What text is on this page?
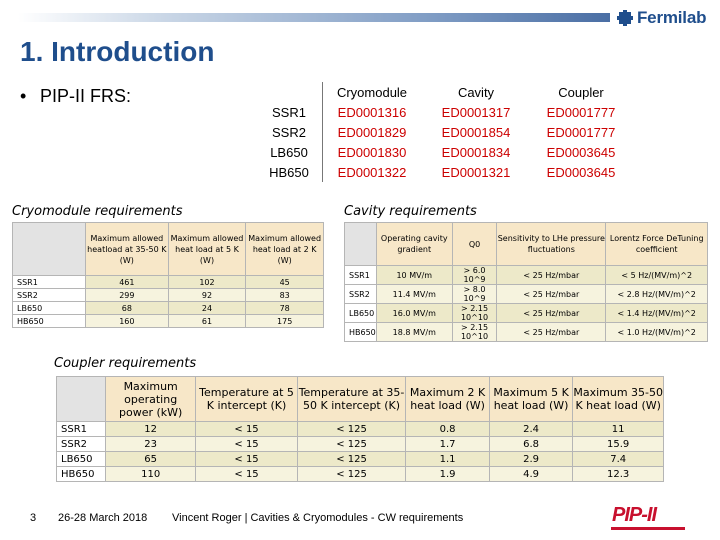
Fermilab
1. Introduction
• PIP-II FRS:
		Cryomodule	Cavity	Coupler
SSR1	ED0001316	ED0001317	ED0001777
SSR2	ED0001829	ED0001854	ED0001777
LB650	ED0001830	ED0001834	ED0003645
HB650	ED0001322	ED0001321	ED0003645
Cryomodule requirements
	Maximum allowed heatload at 35-50 K (W)	Maximum allowed heat load at 5 K (W)	Maximum allowed heat load at 2 K (W)
SSR1	461	102	45
SSR2	299	92	83
LB650	68	24	78
HB650	160	61	175
Cavity requirements
	Operating cavity gradient	Q0	Sensitivity to LHe pressure fluctuations	Lorentz Force DeTuning coefficient
SSR1	10 MV/m	> 6.0 10^9	< 25 Hz/mbar	< 5 Hz/(MV/m)^2
SSR2	11.4 MV/m	> 8.0 10^9	< 25 Hz/mbar	< 2.8 Hz/(MV/m)^2
LB650	16.0 MV/m	> 2.15 10^10	< 25 Hz/mbar	< 1.4 Hz/(MV/m)^2
HB650	18.8 MV/m	> 2.15 10^10	< 25 Hz/mbar	< 1.0 Hz/(MV/m)^2
Coupler requirements
	Maximum operating power (kW)	Temperature at 5 K intercept (K)	Temperature at 35-50 K intercept (K)	Maximum 2 K heat load (W)	Maximum 5 K heat load (W)	Maximum 35-50 K heat load (W)
SSR1	12	< 15	< 125	0.8	2.4	11
SSR2	23	< 15	< 125	1.7	6.8	15.9
LB650	65	< 15	< 125	1.1	2.9	7.4
HB650	110	< 15	< 125	1.9	4.9	12.3
3 26-28 March 2018 Vincent Roger | Cavities & Cryomodules - CW requirements	PIP-II
